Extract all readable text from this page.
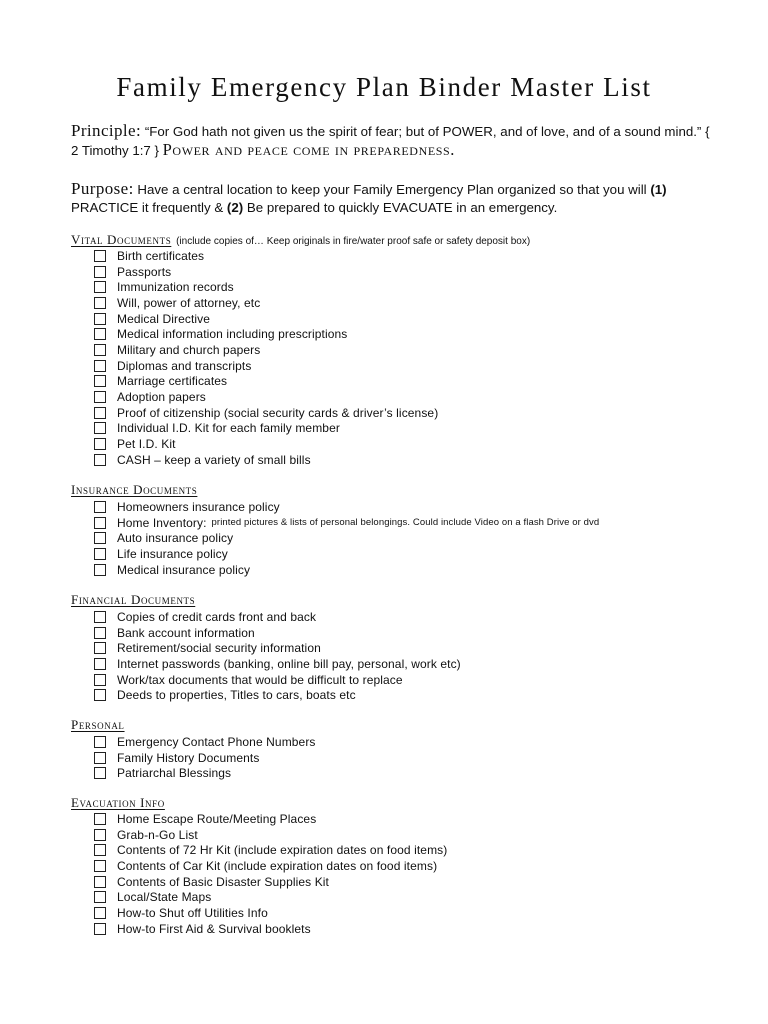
Family Emergency Plan Binder Master List
Principle: “For God hath not given us the spirit of fear; but of POWER, and of love, and of a sound mind.” { 2 Timothy 1:7 } Power and peace come in preparedness.
Purpose: Have a central location to keep your Family Emergency Plan organized so that you will (1) PRACTICE it frequently & (2) Be prepared to quickly EVACUATE in an emergency.
Vital Documents (include copies of… Keep originals in fire/water proof safe or safety deposit box)
Birth certificates
Passports
Immunization records
Will, power of attorney, etc
Medical Directive
Medical information including prescriptions
Military and church papers
Diplomas and transcripts
Marriage certificates
Adoption papers
Proof of citizenship (social security cards & driver’s license)
Individual I.D. Kit for each family member
Pet I.D. Kit
CASH – keep a variety of small bills
Insurance Documents
Homeowners insurance policy
Home Inventory: printed pictures & lists of personal belongings. Could include Video on a flash Drive or dvd
Auto insurance policy
Life insurance policy
Medical insurance policy
Financial Documents
Copies of credit cards front and back
Bank account information
Retirement/social security information
Internet passwords (banking, online bill pay, personal, work etc)
Work/tax documents that would be difficult to replace
Deeds to properties, Titles to cars, boats etc
Personal
Emergency Contact Phone Numbers
Family History Documents
Patriarchal Blessings
Evacuation Info
Home Escape Route/Meeting Places
Grab-n-Go List
Contents of 72 Hr Kit (include expiration dates on food items)
Contents of Car Kit (include expiration dates on food items)
Contents of Basic Disaster Supplies Kit
Local/State Maps
How-to Shut off Utilities Info
How-to First Aid & Survival booklets
